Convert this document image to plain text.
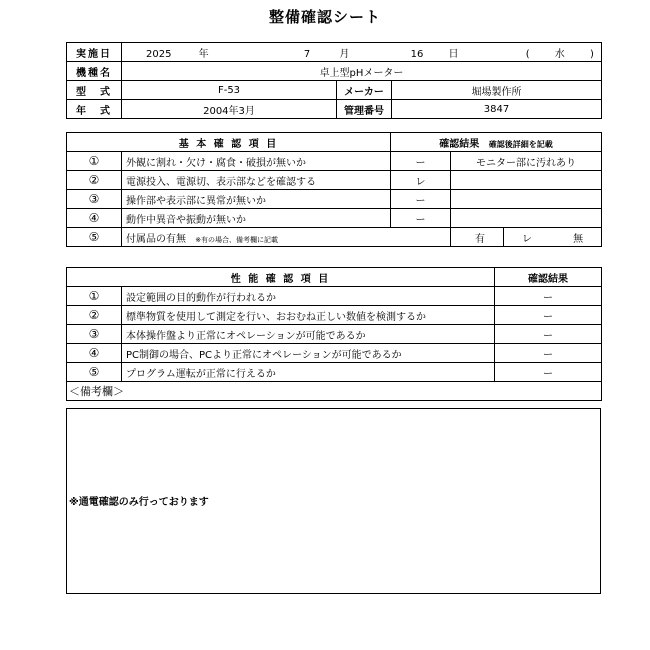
整備確認シート
実施日	2025 年 7 月 16 日 ( 水 )		
機種名	卓上型pHメーター		
型　式	F-53	メーカー	堀場製作所
年　式	2004年3月	管理番号	3847
基 本 確 認 項 目		確認結果 確認後詳細を記載		
①	外観に割れ・欠け・腐食・破損が無いか	ー	モニター部に汚れあり	
②	電源投入、電源切、表示部などを確認する	レ		
③	操作部や表示部に異常が無いか	ー		
④	動作中異音や振動が無いか	ー		
⑤	付属品の有無 ※有の場合、備考欄に記載		有	レ 無
性 能 確 認 項 目		確認結果
①	設定範囲の目的動作が行われるか	ー
②	標準物質を使用して測定を行い、おおむね正しい数値を検測するか	ー
③	本体操作盤より正常にオペレーションが可能であるか	ー
④	PC制御の場合、PCより正常にオペレーションが可能であるか	ー
⑤	プログラム運転が正常に行えるか	ー
＜備考欄＞		
※通電確認のみ行っております
